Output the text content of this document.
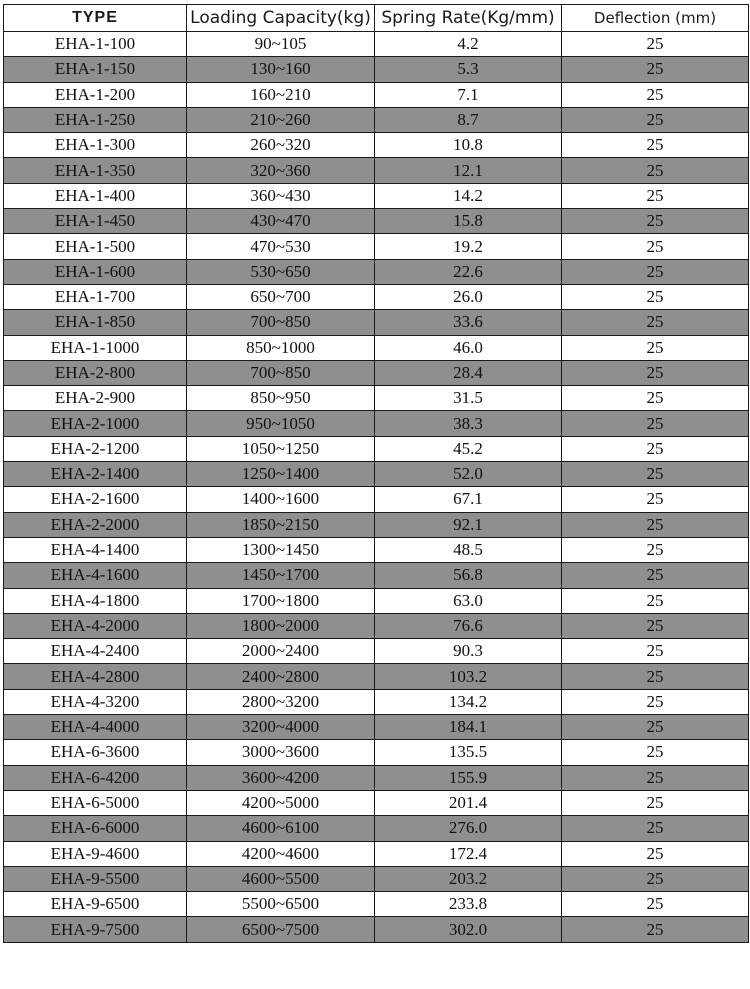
TYPE	Loading Capacity(kg)	Spring Rate(Kg/mm)	Deflection (mm)
EHA-1-100	90~105	4.2	25
EHA-1-150	130~160	5.3	25
EHA-1-200	160~210	7.1	25
EHA-1-250	210~260	8.7	25
EHA-1-300	260~320	10.8	25
EHA-1-350	320~360	12.1	25
EHA-1-400	360~430	14.2	25
EHA-1-450	430~470	15.8	25
EHA-1-500	470~530	19.2	25
EHA-1-600	530~650	22.6	25
EHA-1-700	650~700	26.0	25
EHA-1-850	700~850	33.6	25
EHA-1-1000	850~1000	46.0	25
EHA-2-800	700~850	28.4	25
EHA-2-900	850~950	31.5	25
EHA-2-1000	950~1050	38.3	25
EHA-2-1200	1050~1250	45.2	25
EHA-2-1400	1250~1400	52.0	25
EHA-2-1600	1400~1600	67.1	25
EHA-2-2000	1850~2150	92.1	25
EHA-4-1400	1300~1450	48.5	25
EHA-4-1600	1450~1700	56.8	25
EHA-4-1800	1700~1800	63.0	25
EHA-4-2000	1800~2000	76.6	25
EHA-4-2400	2000~2400	90.3	25
EHA-4-2800	2400~2800	103.2	25
EHA-4-3200	2800~3200	134.2	25
EHA-4-4000	3200~4000	184.1	25
EHA-6-3600	3000~3600	135.5	25
EHA-6-4200	3600~4200	155.9	25
EHA-6-5000	4200~5000	201.4	25
EHA-6-6000	4600~6100	276.0	25
EHA-9-4600	4200~4600	172.4	25
EHA-9-5500	4600~5500	203.2	25
EHA-9-6500	5500~6500	233.8	25
EHA-9-7500	6500~7500	302.0	25
